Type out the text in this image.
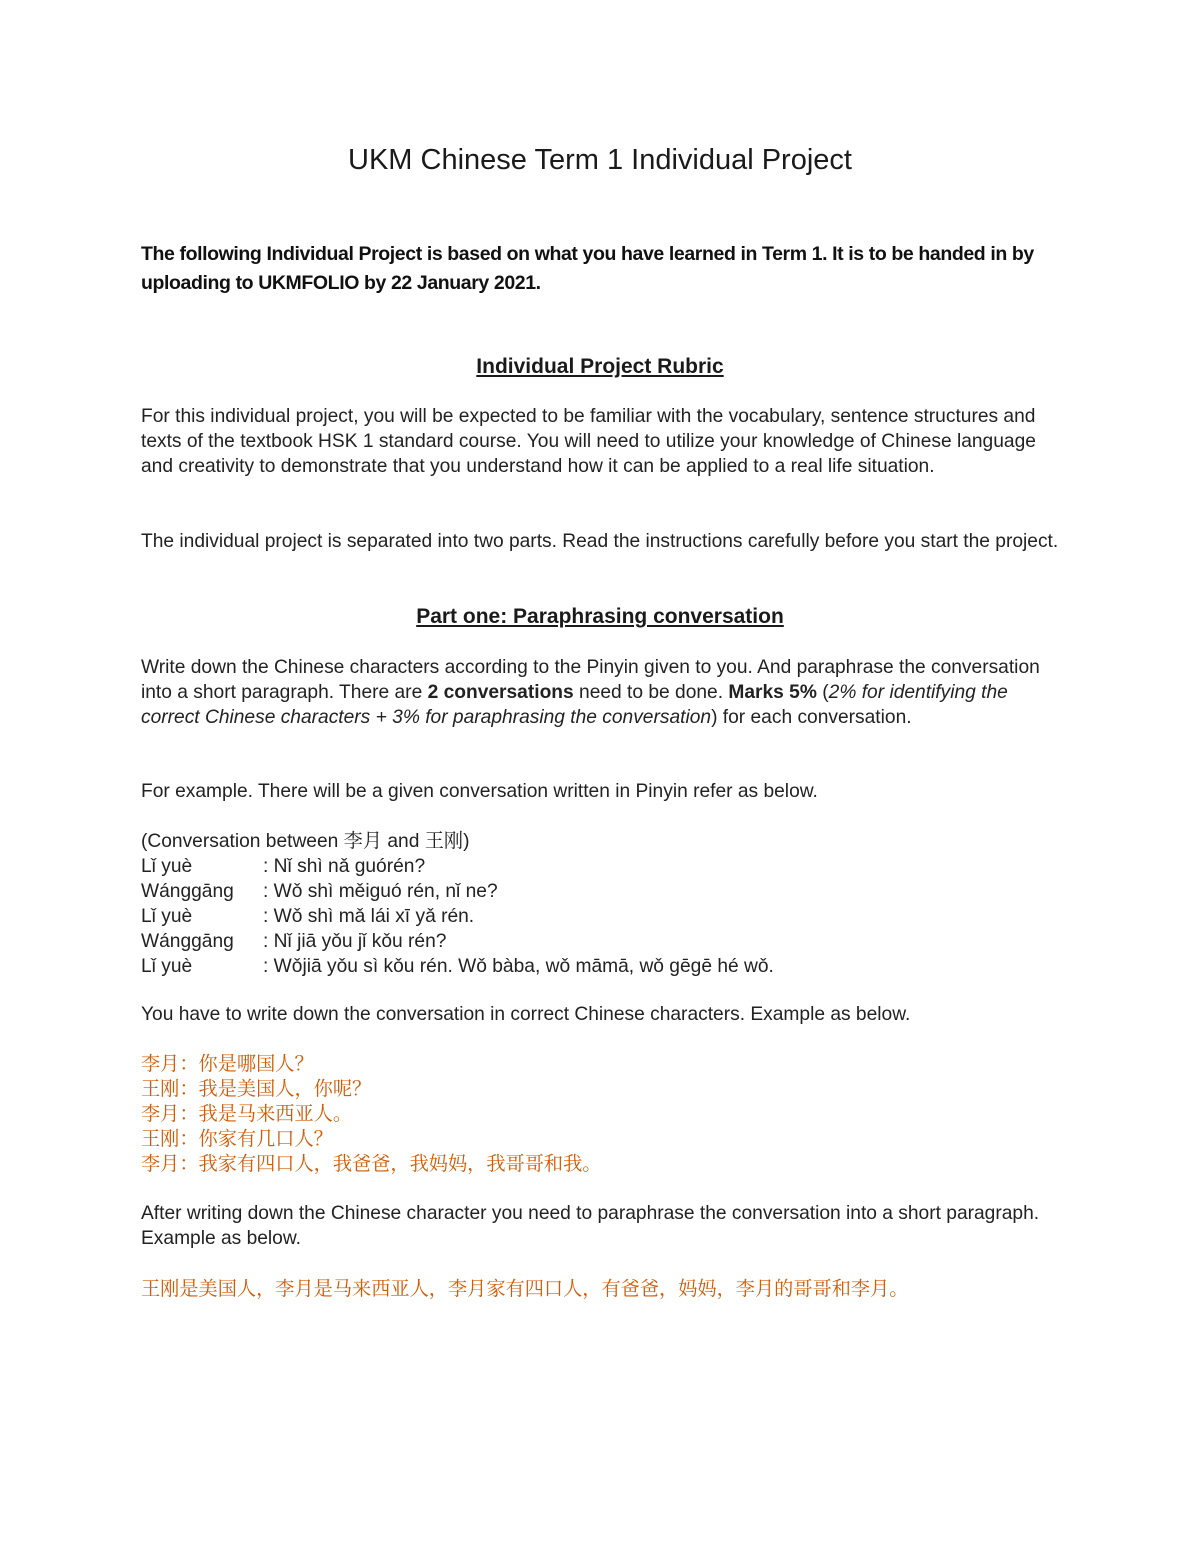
UKM Chinese Term 1 Individual Project
The following Individual Project is based on what you have learned in Term 1. It is to be handed in by uploading to UKMFOLIO by 22 January 2021.
Individual Project Rubric
For this individual project, you will be expected to be familiar with the vocabulary, sentence structures and texts of the textbook HSK 1 standard course. You will need to utilize your knowledge of Chinese language and creativity to demonstrate that you understand how it can be applied to a real life situation.
The individual project is separated into two parts. Read the instructions carefully before you start the project.
Part one: Paraphrasing conversation
Write down the Chinese characters according to the Pinyin given to you. And paraphrase the conversation into a short paragraph. There are 2 conversations need to be done. Marks 5% (2% for identifying the correct Chinese characters + 3% for paraphrasing the conversation) for each conversation.
For example. There will be a given conversation written in Pinyin refer as below.
(Conversation between 李月 and 王刚)
Lǐ yuè	: Nǐ shì nǎ guórén?
Wánggāng	: Wǒ shì měiguó rén, nǐ ne?
Lǐ yuè	: Wǒ shì mǎ lái xī yǎ rén.
Wánggāng	: Nǐ jiā yǒu jǐ kǒu rén?
Lǐ yuè	: Wǒjiā yǒu sì kǒu rén. Wǒ bàba, wǒ māmā, wǒ gēgē hé wǒ.
You have to write down the conversation in correct Chinese characters. Example as below.
李月：你是哪国人？
王刚：我是美国人，你呢？
李月：我是马来西亚人。
王刚：你家有几口人？
李月：我家有四口人，我爸爸，我妈妈，我哥哥和我。
After writing down the Chinese character you need to paraphrase the conversation into a short paragraph. Example as below.
王刚是美国人，李月是马来西亚人，李月家有四口人，有爸爸，妈妈，李月的哥哥和李月。
